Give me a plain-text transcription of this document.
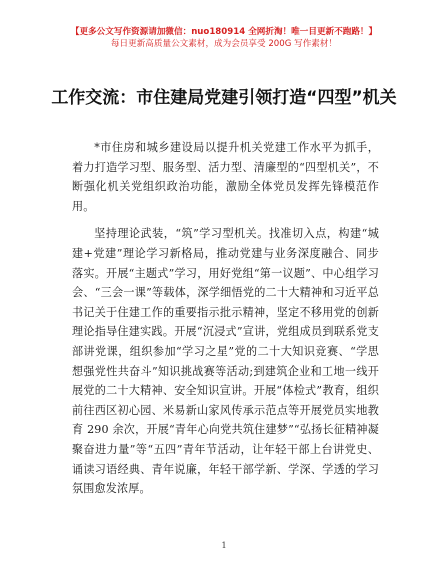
【更多公文写作资源请加微信：nuo180914 全网折淘！唯一目更新不跑路！】
每日更新高质量公文素材，成为会员享受 200G 写作素材！
工作交流：市住建局党建引领打造“四型”机关

*市住房和城乡建设局以提升机关党建工作水平为抓手，着力打造学习型、服务型、活力型、清廉型的“四型机关”，不断强化机关党组织政治功能，激励全体党员发挥先锋模范作用。

坚持理论武装，“筑”学习型机关。找准切入点，构建“城建+党建”理论学习新格局，推动党建与业务深度融合、同步落实。开展“主题式”学习，用好党组“第一议题”、中心组学习会、“三会一课”等载体，深学细悟党的二十大精神和习近平总书记关于住建工作的重要指示批示精神，坚定不移用党的创新理论指导住建实践。开展“沉浸式”宣讲，党组成员到联系党支部讲党课，组织参加“学习之星”党的二十大知识竞赛、“学思想强党性共奋斗”知识挑战赛等活动;到建筑企业和工地一线开展党的二十大精神、安全知识宣讲。开展“体检式”教育，组织前往西区初心园、米易新山家风传承示范点等开展党员实地教育 290 余次，开展“青年心向党共筑住建梦”“弘扬长征精神凝聚奋进力量”等“五四”青年节活动，让年轻干部上台讲党史、诵读习语经典、青年说廉，年轻干部学新、学深、学透的学习氛围愈发浓厚。

1
